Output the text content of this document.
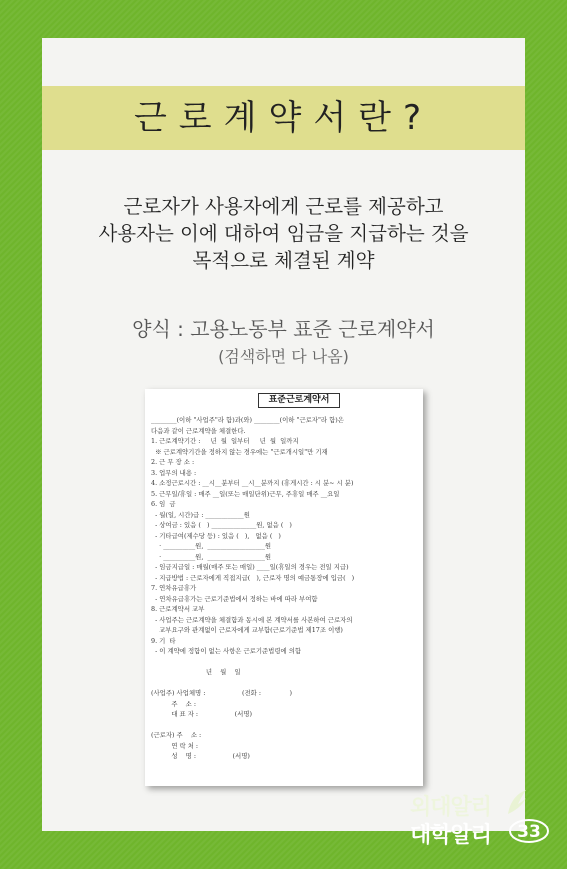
근로계약서란?
근로자가 사용자에게 근로를 제공하고
사용자는 이에 대하여 임금을 지급하는 것을
목적으로 체결된 계약
양식 : 고용노동부 표준 근로계약서
(검색하면 다 나옴)
표준근로계약서
________(이하 "사업주"라 함)과(와) ________(이하 "근로자"라 함)은
다음과 같이 근로계약을 체결한다.
1. 근로계약기간 :     년  월  일부터     년  월  일까지
※ 근로계약기간을 정하지 않는 경우에는 "근로개시일"만 기재
2. 근 무 장 소 :
3. 업무의 내용 :
4. 소정근로시간 : __시__분부터 __시__분까지 (휴게시간 : 시 분~ 시 분)
5. 근무일/휴일 : 매주 __일(또는 매일단위)근무, 주휴일 매주 __요일
6. 임  금
- 월(일, 시간)급 : ____________원
- 상여금 : 있음 (   ) ______________원, 없음 (   )
- 기타급여(제수당 등) : 있음 (   ),   없음 (   )
· __________원,  __________________원
· __________원,  __________________원
- 임금지급일 : 매월(매주 또는 매일) ____일(휴일의 경우는 전일 지급)
- 지급방법 : 근로자에게 직접지급(   ), 근로자 명의 예금통장에 입금(   )
7. 연차유급휴가
- 연차유급휴가는 근로기준법에서 정하는 바에 따라 부여함
8. 근로계약서 교부
- 사업주는 근로계약을 체결함과 동시에 본 계약서를 사본하여 근로자의
교부요구와 관계없이 근로자에게 교부함(근로기준법 제17조 이행)
9. 기  타
- 이 계약에 정함이 없는 사항은 근로기준법령에 의함
년    월    일
(사업주) 사업체명 :                  (전화 :              )
주    소 :
대 표 자 :                  (서명)
(근로자) 주    소 :
연 락 처 :
성    명 :                  (서명)
외대알리
대학알리 33
